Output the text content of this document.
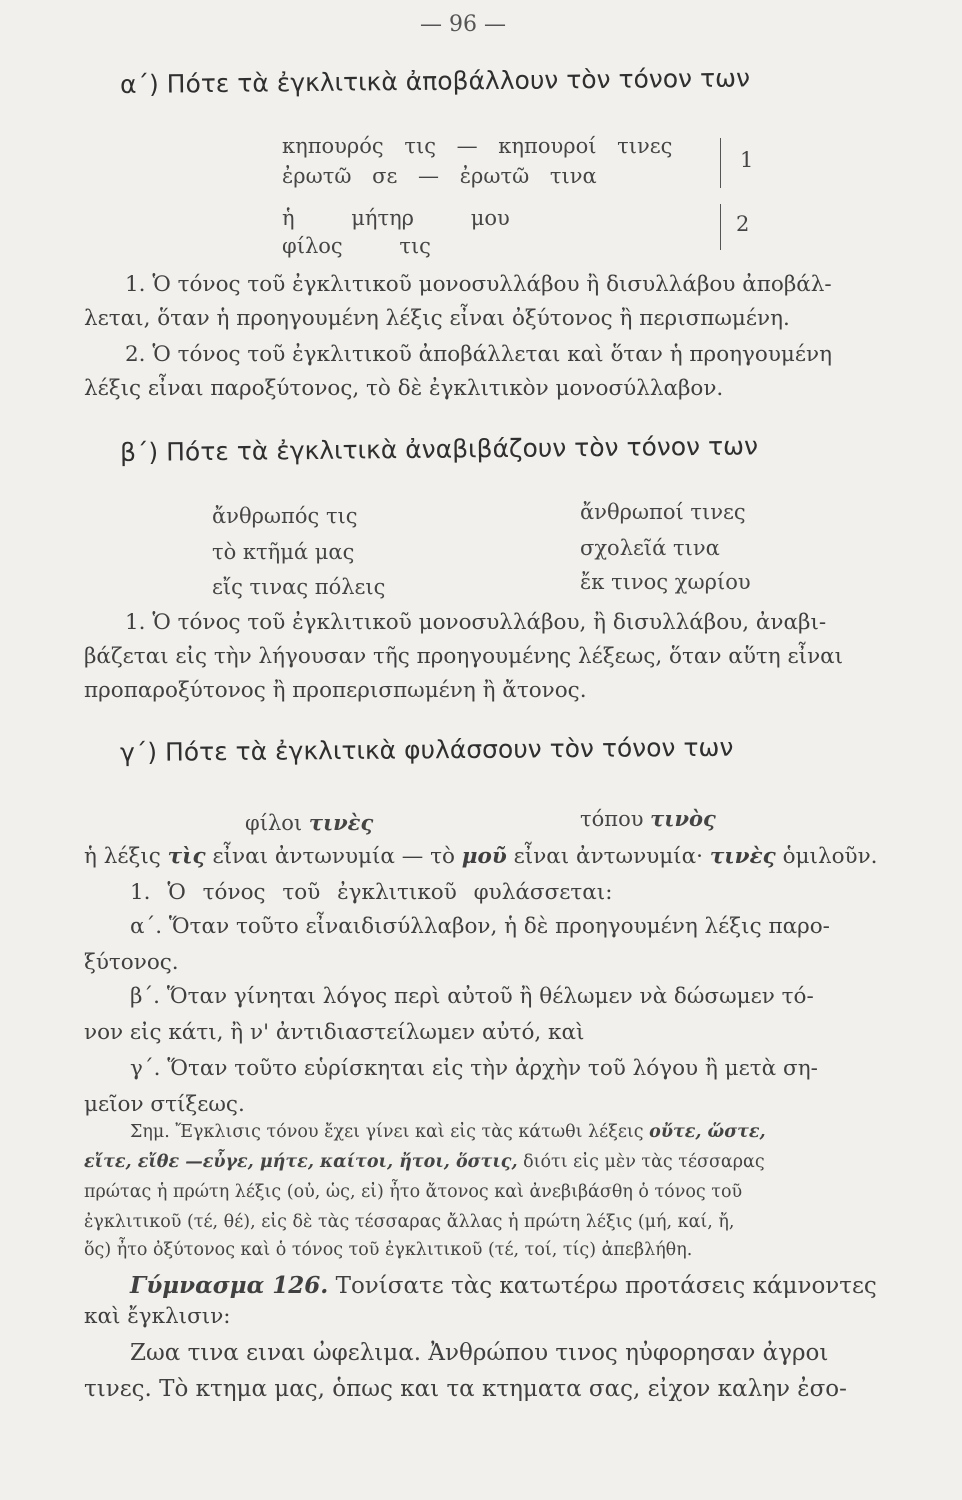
— 96 —
α΄) Πότε τὰ ἐγκλιτικὰ ἀποβάλλουν τὸν τόνον των
κηπουρός τις — κηπουροί τινες
ἐρωτῶ σε — ἐρωτῶ τινα
1
ἡ μήτηρ μου
φίλος τις
2
1. Ὁ τόνος τοῦ ἐγκλιτικοῦ μονοσυλλάβου ἢ δισυλλάβου ἀποβάλ-
λεται, ὅταν ἡ προηγουμένη λέξις εἶναι ὀξύτονος ἢ περισπωμένη.
2. Ὁ τόνος τοῦ ἐγκλιτικοῦ ἀποβάλλεται καὶ ὅταν ἡ προηγουμένη
λέξις εἶναι παροξύτονος, τὸ δὲ ἐγκλιτικὸν μονοσύλλαβον.
β΄) Πότε τὰ ἐγκλιτικὰ ἀναβιβάζουν τὸν τόνον των
ἄνθρωπός τις
τὸ κτῆμά μας
εἴς τινας πόλεις
ἄνθρωποί τινες
σχολεῖά τινα
ἔκ τινος χωρίου
1. Ὁ τόνος τοῦ ἐγκλιτικοῦ μονοσυλλάβου, ἢ δισυλλάβου, ἀναβι-
βάζεται εἰς τὴν λήγουσαν τῆς προηγουμένης λέξεως, ὅταν αὕτη εἶναι
προπαροξύτονος ἢ προπερισπωμένη ἢ ἄτονος.
γ΄) Πότε τὰ ἐγκλιτικὰ φυλάσσουν τὸν τόνον των
φίλοι τινὲς	τόπου τινὸς
ἡ λέξις τὶς εἶναι ἀντωνυμία — τὸ μοῦ εἶναι ἀντωνυμία· τινὲς ὁμιλοῦν.
1. Ὁ τόνος τοῦ ἐγκλιτικοῦ φυλάσσεται:
α΄. Ὅταν τοῦτο εἶναιδισύλλαβον, ἡ δὲ προηγουμένη λέξις παρο-
ξύτονος.
β΄. Ὅταν γίνηται λόγος περὶ αὐτοῦ ἢ θέλωμεν νὰ δώσωμεν τό-
νον εἰς κάτι, ἢ ν' ἀντιδιαστείλωμεν αὐτό, καὶ
γ΄. Ὅταν τοῦτο εὑρίσκηται εἰς τὴν ἀρχὴν τοῦ λόγου ἢ μετὰ ση-
μεῖον στίξεως.
Σημ. Ἔγκλισις τόνου ἔχει γίνει καὶ εἰς τὰς κάτωθι λέξεις οὔτε, ὥστε,
εἴτε, εἴθε —εὖγε, μήτε, καίτοι, ἤτοι, ὅστις, διότι εἰς μὲν τὰς τέσσαρας
πρώτας ἡ πρώτη λέξις (οὐ, ὡς, εἰ) ἦτο ἄτονος καὶ ἀνεβιβάσθη ὁ τόνος τοῦ
ἐγκλιτικοῦ (τέ, θέ), εἰς δὲ τὰς τέσσαρας ἄλλας ἡ πρώτη λέξις (μή, καί, ἤ,
ὅς) ἦτο ὀξύτονος καὶ ὁ τόνος τοῦ ἐγκλιτικοῦ (τέ, τοί, τίς) ἀπεβλήθη.
Γύμνασμα 126. Τονίσατε τὰς κατωτέρω προτάσεις κάμνοντες
καὶ ἔγκλισιν:
Ζωα τινα ειναι ὠφελιμα. Ἀνθρώπου τινος ηὐφορησαν ἀγροι
τινες. Τὸ κτημα μας, ὁπως και τα κτηματα σας, εἰχον καλην ἐσο-
